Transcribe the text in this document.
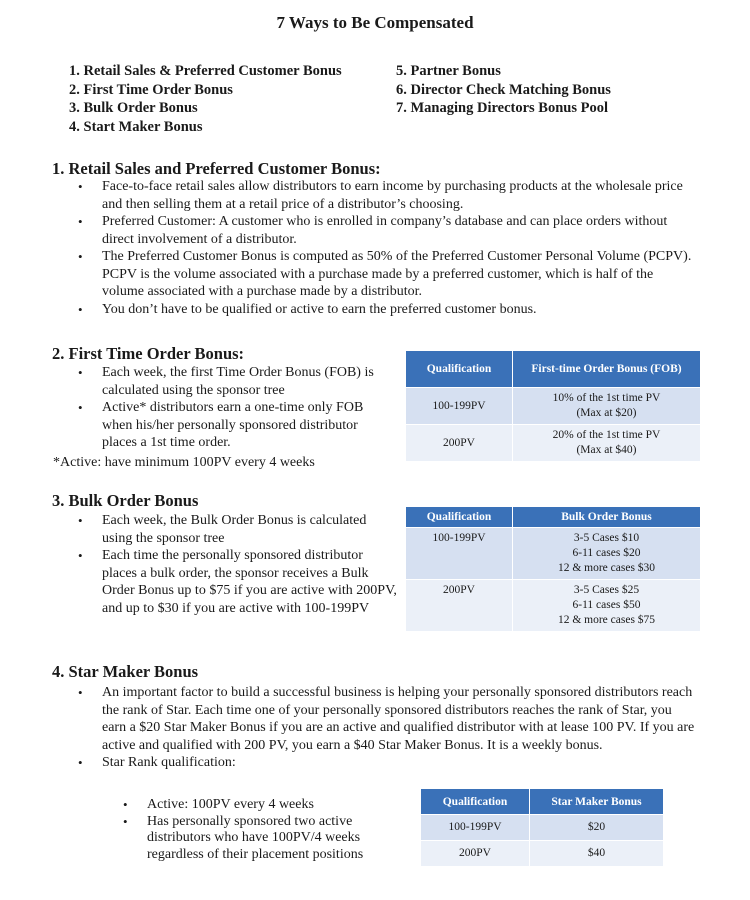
7 Ways to Be Compensated
1. Retail Sales & Preferred Customer Bonus
2. First Time Order Bonus
3. Bulk Order Bonus
4. Start Maker Bonus
5. Partner Bonus
6. Director Check Matching Bonus
7. Managing Directors Bonus Pool
1. Retail Sales and Preferred Customer Bonus:
• Face-to-face retail sales allow distributors to earn income by purchasing products at the wholesale price and then selling them at a retail price of a distributor’s choosing.
• Preferred Customer: A customer who is enrolled in company’s database and can place orders without direct involvement of a distributor.
• The Preferred Customer Bonus is computed as 50% of the Preferred Customer Personal Volume (PCPV). PCPV is the volume associated with a purchase made by a preferred customer, which is half of the volume associated with a purchase made by a distributor.
• You don’t have to be qualified or active to earn the preferred customer bonus.
2. First Time Order Bonus:
• Each week, the first Time Order Bonus (FOB) is calculated using the sponsor tree
• Active* distributors earn a one-time only FOB when his/her personally sponsored distributor places a 1st time order.
*Active: have minimum 100PV every 4 weeks
Qualification	First-time Order Bonus (FOB)
100-199PV	10% of the 1st time PV
(Max at $20)

200PV	20% of the 1st time PV
(Max at $40)
3. Bulk Order Bonus
• Each week, the Bulk Order Bonus is calculated using the sponsor tree
• Each time the personally sponsored distributor places a bulk order, the sponsor receives a Bulk Order Bonus up to $75 if you are active with 200PV, and up to $30 if you are active with 100-199PV
Qualification	Bulk Order Bonus
100-199PV	3-5 Cases $10
6-11 cases $20
12 & more cases $30

200PV	3-5 Cases $25
6-11 cases $50
12 & more cases $75
4. Star Maker Bonus
• An important factor to build a successful business is helping your personally sponsored distributors reach the rank of Star. Each time one of your personally sponsored distributors reaches the rank of Star, you earn a $20 Star Maker Bonus if you are an active and qualified distributor with at lease 100 PV. If you are active and qualified with 200 PV, you earn a $40 Star Maker Bonus. It is a weekly bonus.
• Star Rank qualification:
• Active: 100PV every 4 weeks
• Has personally sponsored two active distributors who have 100PV/4 weeks regardless of their placement positions
Qualification	Star Maker Bonus
100-199PV	$20
200PV	$40
